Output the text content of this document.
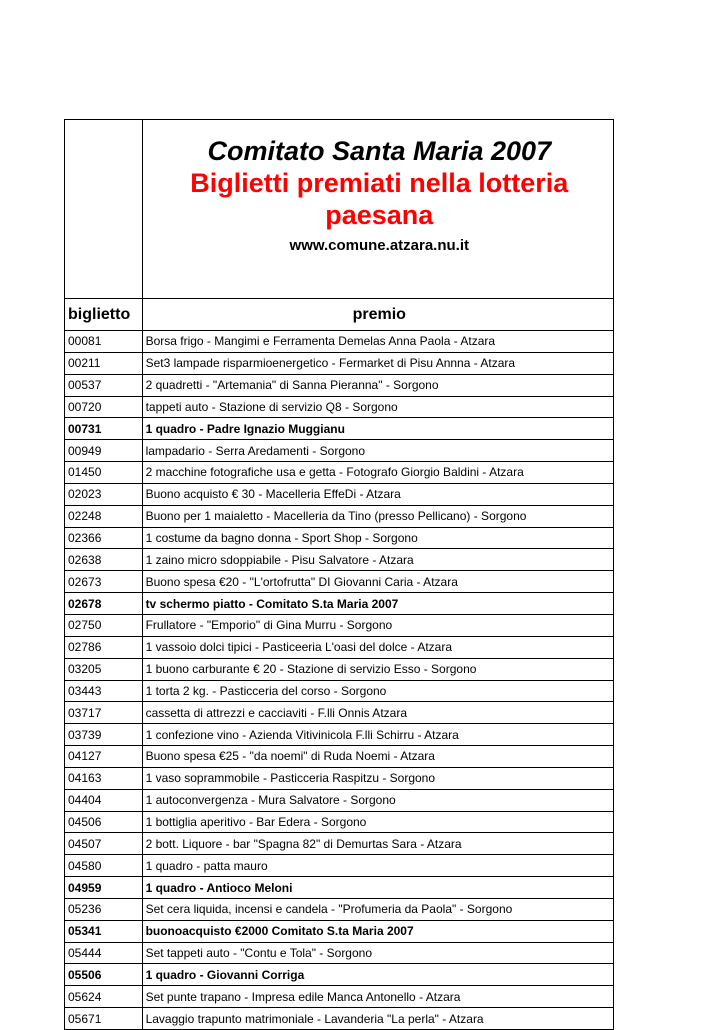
	Comitato Santa Maria 2007
Biglietti premiati nella lotteria
paesana
www.comune.atzara.nu.it

biglietto	premio
00081	Borsa frigo - Mangimi e Ferramenta Demelas Anna Paola - Atzara
00211	Set3 lampade risparmioenergetico - Fermarket di Pisu Annna - Atzara
00537	2 quadretti - "Artemania" di Sanna Pieranna" - Sorgono
00720	tappeti auto - Stazione di servizio Q8 - Sorgono
00731	1 quadro - Padre Ignazio Muggianu
00949	lampadario - Serra Aredamenti - Sorgono
01450	2 macchine fotografiche usa e getta - Fotografo Giorgio Baldini - Atzara
02023	Buono acquisto € 30 - Macelleria EffeDi - Atzara
02248	Buono per 1 maialetto - Macelleria da Tino (presso Pellicano) - Sorgono
02366	1 costume da bagno donna - Sport Shop - Sorgono
02638	1 zaino micro sdoppiabile - Pisu Salvatore - Atzara
02673	Buono spesa €20 - "L'ortofrutta" DI Giovanni Caria - Atzara
02678	tv schermo piatto - Comitato S.ta Maria 2007
02750	Frullatore - "Emporio" di Gina Murru - Sorgono
02786	1 vassoio dolci tipici - Pasticeeria L'oasi del dolce - Atzara
03205	1 buono carburante € 20 - Stazione di servizio Esso - Sorgono
03443	1 torta 2 kg. - Pasticceria del corso - Sorgono
03717	cassetta di attrezzi e cacciaviti - F.lli Onnis Atzara
03739	1 confezione vino - Azienda Vitivinicola F.lli Schirru - Atzara
04127	Buono spesa €25 - "da noemi" di Ruda Noemi - Atzara
04163	1 vaso soprammobile - Pasticceria Raspitzu - Sorgono
04404	1 autoconvergenza - Mura Salvatore - Sorgono
04506	1 bottiglia aperitivo - Bar Edera - Sorgono
04507	2 bott. Liquore - bar "Spagna 82" di Demurtas Sara - Atzara
04580	1 quadro - patta mauro
04959	1 quadro - Antioco Meloni
05236	Set cera liquida, incensi e candela - "Profumeria da Paola" - Sorgono
05341	buonoacquisto €2000 Comitato S.ta Maria 2007
05444	Set tappeti auto - "Contu e Tola" - Sorgono
05506	1 quadro - Giovanni Corriga
05624	Set punte trapano - Impresa edile Manca Antonello - Atzara
05671	Lavaggio trapunto matrimoniale - Lavanderia "La perla" - Atzara
